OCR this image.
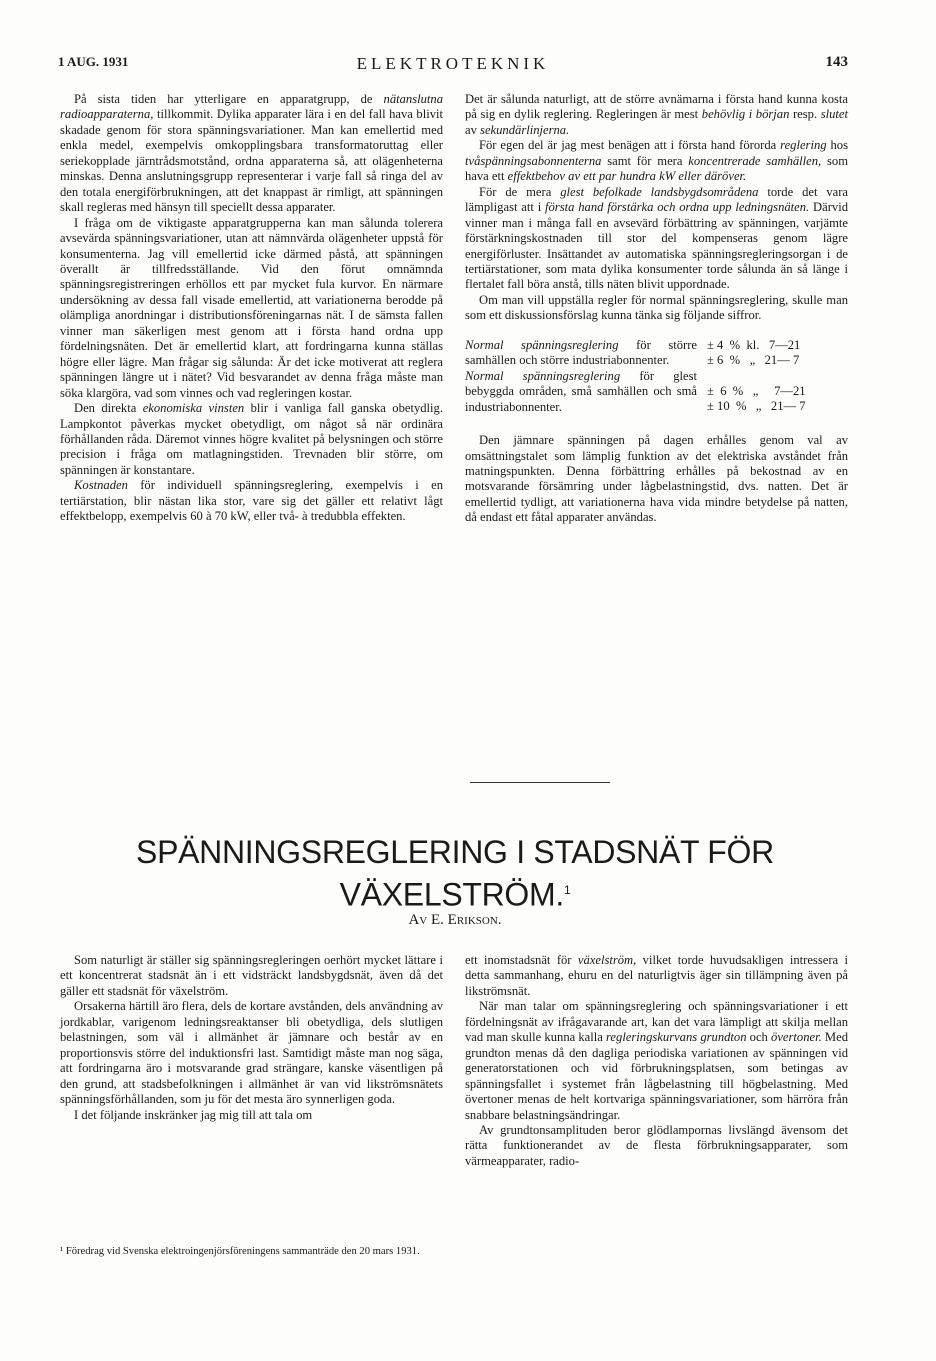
1 AUG. 1931	ELEKTROTEKNIK	143

På sista tiden har ytterligare en apparatgrupp, de nätanslutna radioapparaterna, tillkommit. Dylika apparater lära i en del fall hava blivit skadade genom för stora spänningsvariationer. Man kan emellertid med enkla medel, exempelvis omkopplingsbara transformatoruttag eller seriekopplade järntrådsmotstånd, ordna apparaterna så, att olägenheterna minskas. Denna anslutningsgrupp representerar i varje fall så ringa del av den totala energiförbrukningen, att det knappast är rimligt, att spänningen skall regleras med hänsyn till speciellt dessa apparater.

I fråga om de viktigaste apparatgrupperna kan man sålunda tolerera avsevärda spänningsvariationer, utan att nämnvärda olägenheter uppstå för konsumenterna. Jag vill emellertid icke därmed påstå, att spänningen överallt är tillfredsställande. Vid den förut omnämnda spänningsregistreringen erhöllos ett par mycket fula kurvor. En närmare undersökning av dessa fall visade emellertid, att variationerna berodde på olämpliga anordningar i distributionsföreningarnas nät. I de sämsta fallen vinner man säkerligen mest genom att i första hand ordna upp fördelningsnäten. Det är emellertid klart, att fordringarna kunna ställas högre eller lägre. Man frågar sig sålunda: Är det icke motiverat att reglera spänningen längre ut i nätet? Vid besvarandet av denna fråga måste man söka klargöra, vad som vinnes och vad regleringen kostar.

Den direkta ekonomiska vinsten blir i vanliga fall ganska obetydlig. Lampkontot påverkas mycket obetydligt, om något så när ordinära förhållanden råda. Däremot vinnes högre kvalitet på belysningen och större precision i fråga om matlagningstiden. Trevnaden blir större, om spänningen är konstantare.

Kostnaden för individuell spänningsreglering, exempelvis i en tertiärstation, blir nästan lika stor, vare sig det gäller ett relativt lågt effektbelopp, exempelvis 60 à 70 kW, eller två- à tredubbla effekten.

Det är sålunda naturligt, att de större avnämarna i första hand kunna kosta på sig en dylik reglering. Regleringen är mest behövlig i början resp. slutet av sekundärlinjerna.

För egen del är jag mest benägen att i första hand förorda reglering hos tvåspänningsabonnenterna samt för mera koncentrerade samhällen, som hava ett effektbehov av ett par hundra kW eller däröver.

För de mera glest befolkade landsbygdsområdena torde det vara lämpligast att i första hand förstärka och ordna upp ledningsnäten. Därvid vinner man i många fall en avsevärd förbättring av spänningen, varjämte förstärkningskostnaden till stor del kompenseras genom lägre energiförluster. Insättandet av automatiska spänningsregleringsorgan i de tertiärstationer, som mata dylika konsumenter torde sålunda än så länge i flertalet fall böra anstå, tills näten blivit uppordnade.

Om man vill uppställa regler för normal spänningsreglering, skulle man som ett diskussionsförslag kunna tänka sig följande siffror.

Normal spänningsreglering för större samhällen och större industriabonnenter.
± 4  %  kl.   7—21
± 6  %   „   21— 7
Normal spänningsreglering för glest bebyggda områden, små samhällen och små industriabonnenter.
±  6  %   „     7—21
± 10  %   „   21— 7

Den jämnare spänningen på dagen erhålles genom val av omsättningstalet som lämplig funktion av det elektriska avståndet från matningspunkten. Denna förbättring erhålles på bekostnad av en motsvarande försämring under lågbelastningstid, dvs. natten. Det är emellertid tydligt, att variationerna hava vida mindre betydelse på natten, då endast ett fåtal apparater användas.

SPÄNNINGSREGLERING I STADSNÄT FÖR
VÄXELSTRÖM.$^1$
Av E. Erikson.

Som naturligt är ställer sig spänningsregleringen oerhört mycket lättare i ett koncentrerat stadsnät än i ett vidsträckt landsbygdsnät, även då det gäller ett stadsnät för växelström.

Orsakerna härtill äro flera, dels de kortare avstånden, dels användning av jordkablar, varigenom ledningsreaktanser bli obetydliga, dels slutligen belastningen, som väl i allmänhet är jämnare och består av en proportionsvis större del induktionsfri last. Samtidigt måste man nog säga, att fordringarna äro i motsvarande grad strängare, kanske väsentligen på den grund, att stadsbefolkningen i allmänhet är van vid likströmsnätets spänningsförhållanden, som ju för det mesta äro synnerligen goda.

I det följande inskränker jag mig till att tala om

¹ Föredrag vid Svenska elektroingenjörsföreningens sammanträde den 20 mars 1931.

ett inomstadsnät för växelström, vilket torde huvudsakligen intressera i detta sammanhang, ehuru en del naturligtvis äger sin tillämpning även på likströmsnät.

När man talar om spänningsreglering och spänningsvariationer i ett fördelningsnät av ifrågavarande art, kan det vara lämpligt att skilja mellan vad man skulle kunna kalla regleringskurvans grundton och övertoner. Med grundton menas då den dagliga periodiska variationen av spänningen vid generatorstationen och vid förbrukningsplatsen, som betingas av spänningsfallet i systemet från lågbelastning till högbelastning. Med övertoner menas de helt kortvariga spänningsvariationer, som härröra från snabbare belastningsändringar.

Av grundtonsamplituden beror glödlampornas livslängd ävensom det rätta funktionerandet av de flesta förbrukningsapparater, som värmeapparater, radio-
